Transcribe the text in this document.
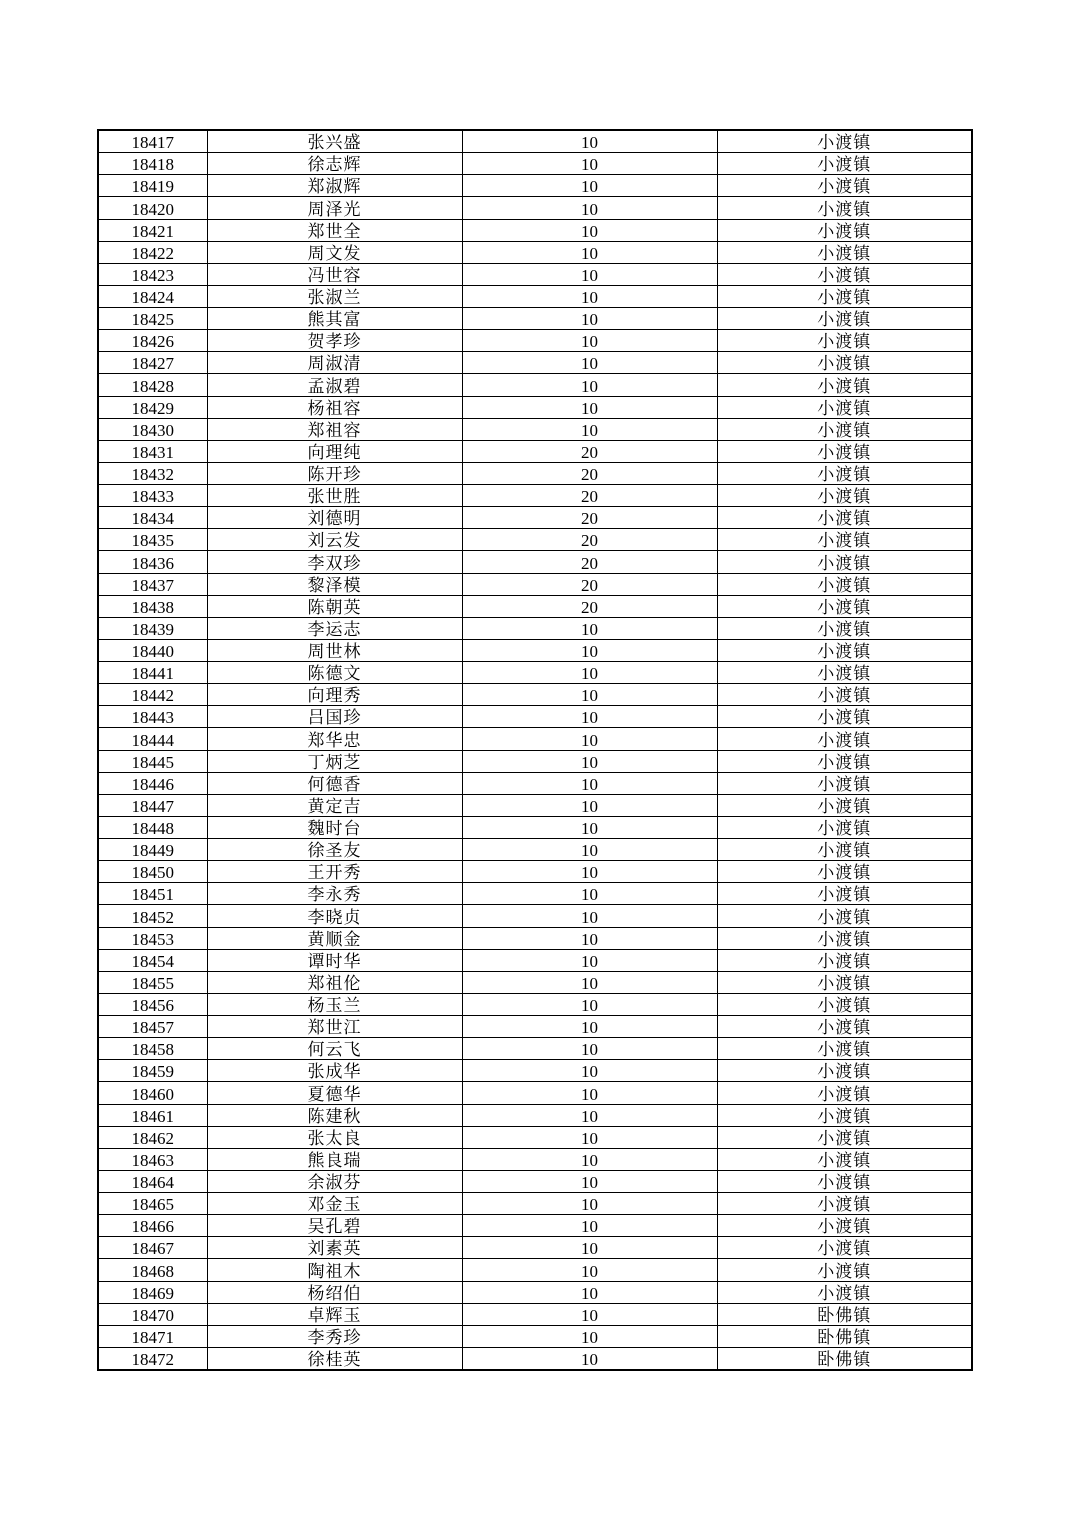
18417	张兴盛	10	小渡镇
18418	徐志辉	10	小渡镇
18419	郑淑辉	10	小渡镇
18420	周泽光	10	小渡镇
18421	郑世全	10	小渡镇
18422	周文发	10	小渡镇
18423	冯世容	10	小渡镇
18424	张淑兰	10	小渡镇
18425	熊其富	10	小渡镇
18426	贺孝珍	10	小渡镇
18427	周淑清	10	小渡镇
18428	孟淑碧	10	小渡镇
18429	杨祖容	10	小渡镇
18430	郑祖容	10	小渡镇
18431	向理纯	20	小渡镇
18432	陈开珍	20	小渡镇
18433	张世胜	20	小渡镇
18434	刘德明	20	小渡镇
18435	刘云发	20	小渡镇
18436	李双珍	20	小渡镇
18437	黎泽模	20	小渡镇
18438	陈朝英	20	小渡镇
18439	李运志	10	小渡镇
18440	周世林	10	小渡镇
18441	陈德文	10	小渡镇
18442	向理秀	10	小渡镇
18443	吕国珍	10	小渡镇
18444	郑华忠	10	小渡镇
18445	丁炳芝	10	小渡镇
18446	何德香	10	小渡镇
18447	黄定吉	10	小渡镇
18448	魏时台	10	小渡镇
18449	徐圣友	10	小渡镇
18450	王开秀	10	小渡镇
18451	李永秀	10	小渡镇
18452	李晓贞	10	小渡镇
18453	黄顺金	10	小渡镇
18454	谭时华	10	小渡镇
18455	郑祖伦	10	小渡镇
18456	杨玉兰	10	小渡镇
18457	郑世江	10	小渡镇
18458	何云飞	10	小渡镇
18459	张成华	10	小渡镇
18460	夏德华	10	小渡镇
18461	陈建秋	10	小渡镇
18462	张太良	10	小渡镇
18463	熊良瑞	10	小渡镇
18464	余淑芬	10	小渡镇
18465	邓金玉	10	小渡镇
18466	吴孔碧	10	小渡镇
18467	刘素英	10	小渡镇
18468	陶祖木	10	小渡镇
18469	杨绍伯	10	小渡镇
18470	卓辉玉	10	卧佛镇
18471	李秀珍	10	卧佛镇
18472	徐桂英	10	卧佛镇
